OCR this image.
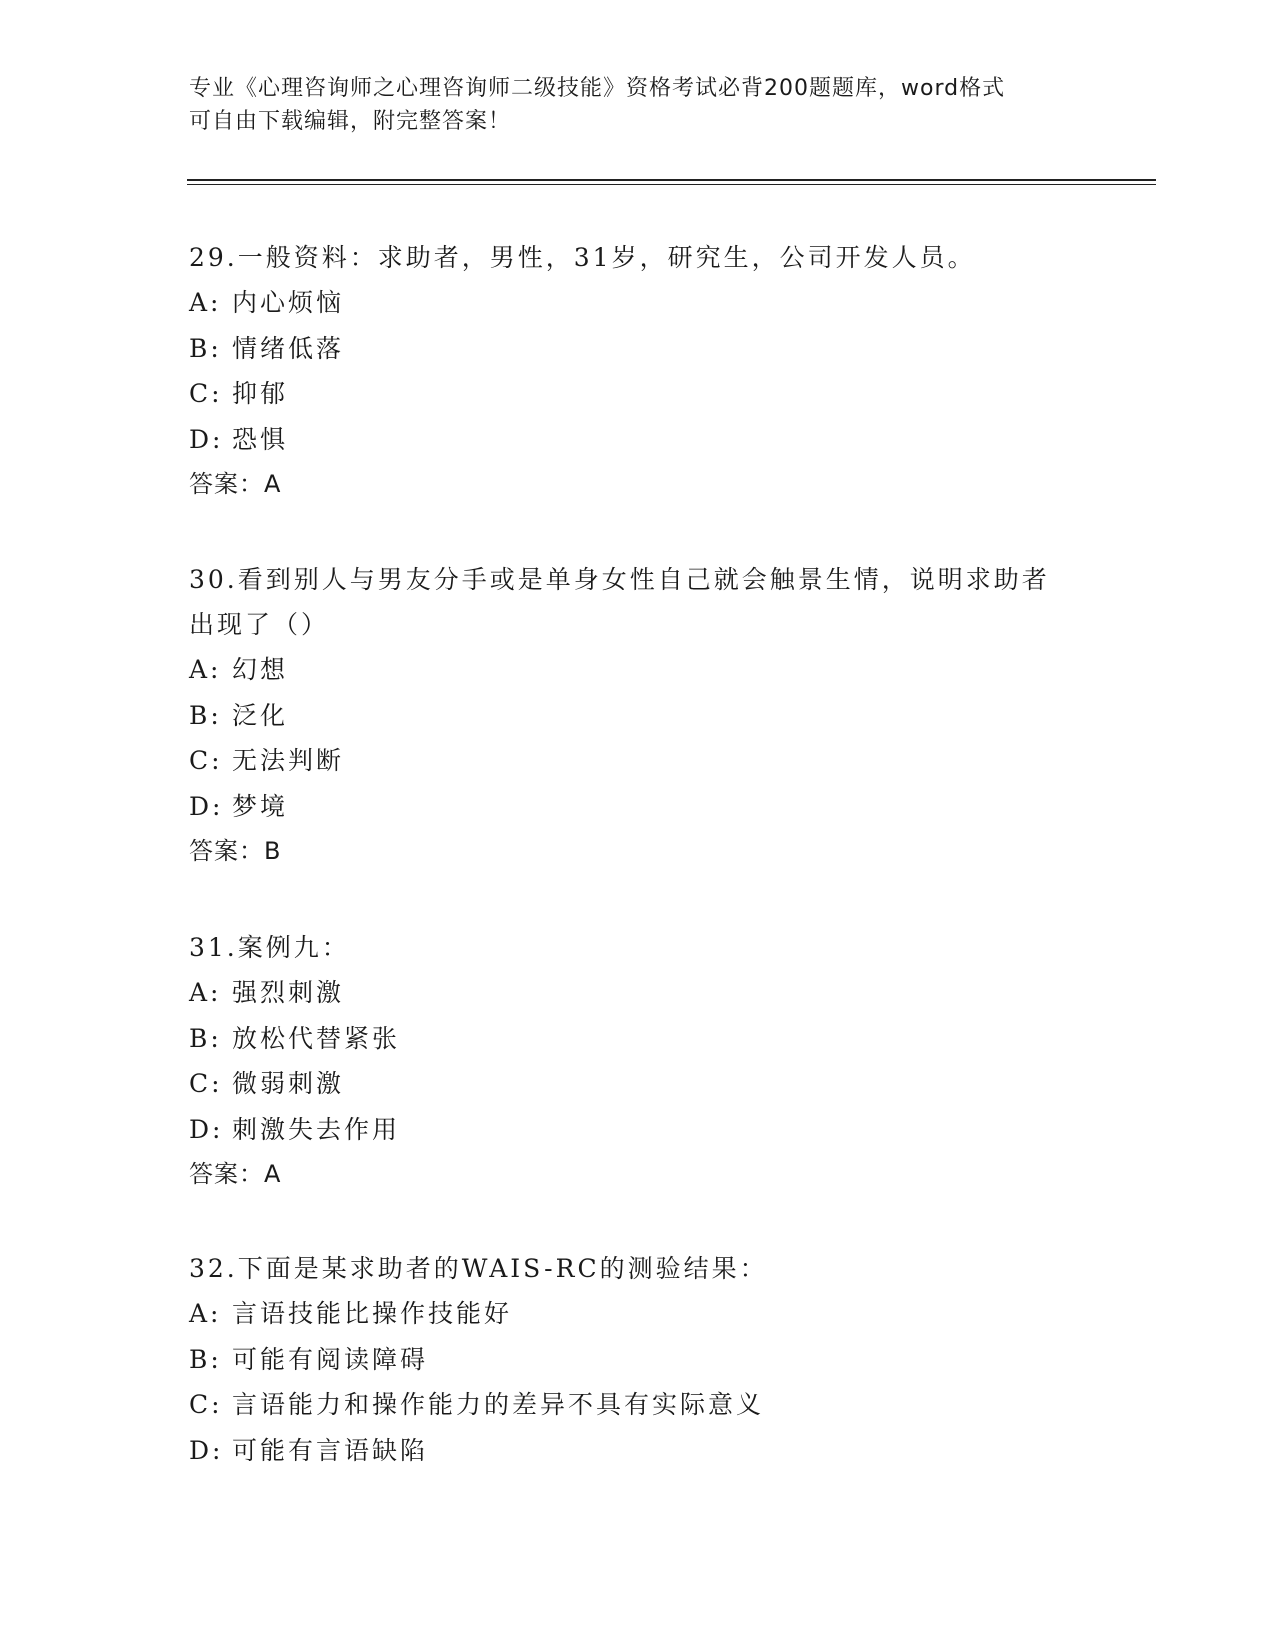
专业《心理咨询师之心理咨询师二级技能》资格考试必背200题题库，word格式
可自由下载编辑，附完整答案！

29.一般资料：求助者，男性，31岁，研究生，公司开发人员。

A: 内心烦恼

B: 情绪低落

C: 抑郁

D: 恐惧

答案：A

30.看到别人与男友分手或是单身女性自己就会触景生情，说明求助者

出现了（）

A: 幻想

B: 泛化

C: 无法判断

D: 梦境

答案：B

31.案例九：

A: 强烈刺激

B: 放松代替紧张

C: 微弱刺激

D: 刺激失去作用

答案：A

32.下面是某求助者的WAIS-RC的测验结果：

A: 言语技能比操作技能好

B: 可能有阅读障碍

C: 言语能力和操作能力的差异不具有实际意义

D: 可能有言语缺陷
